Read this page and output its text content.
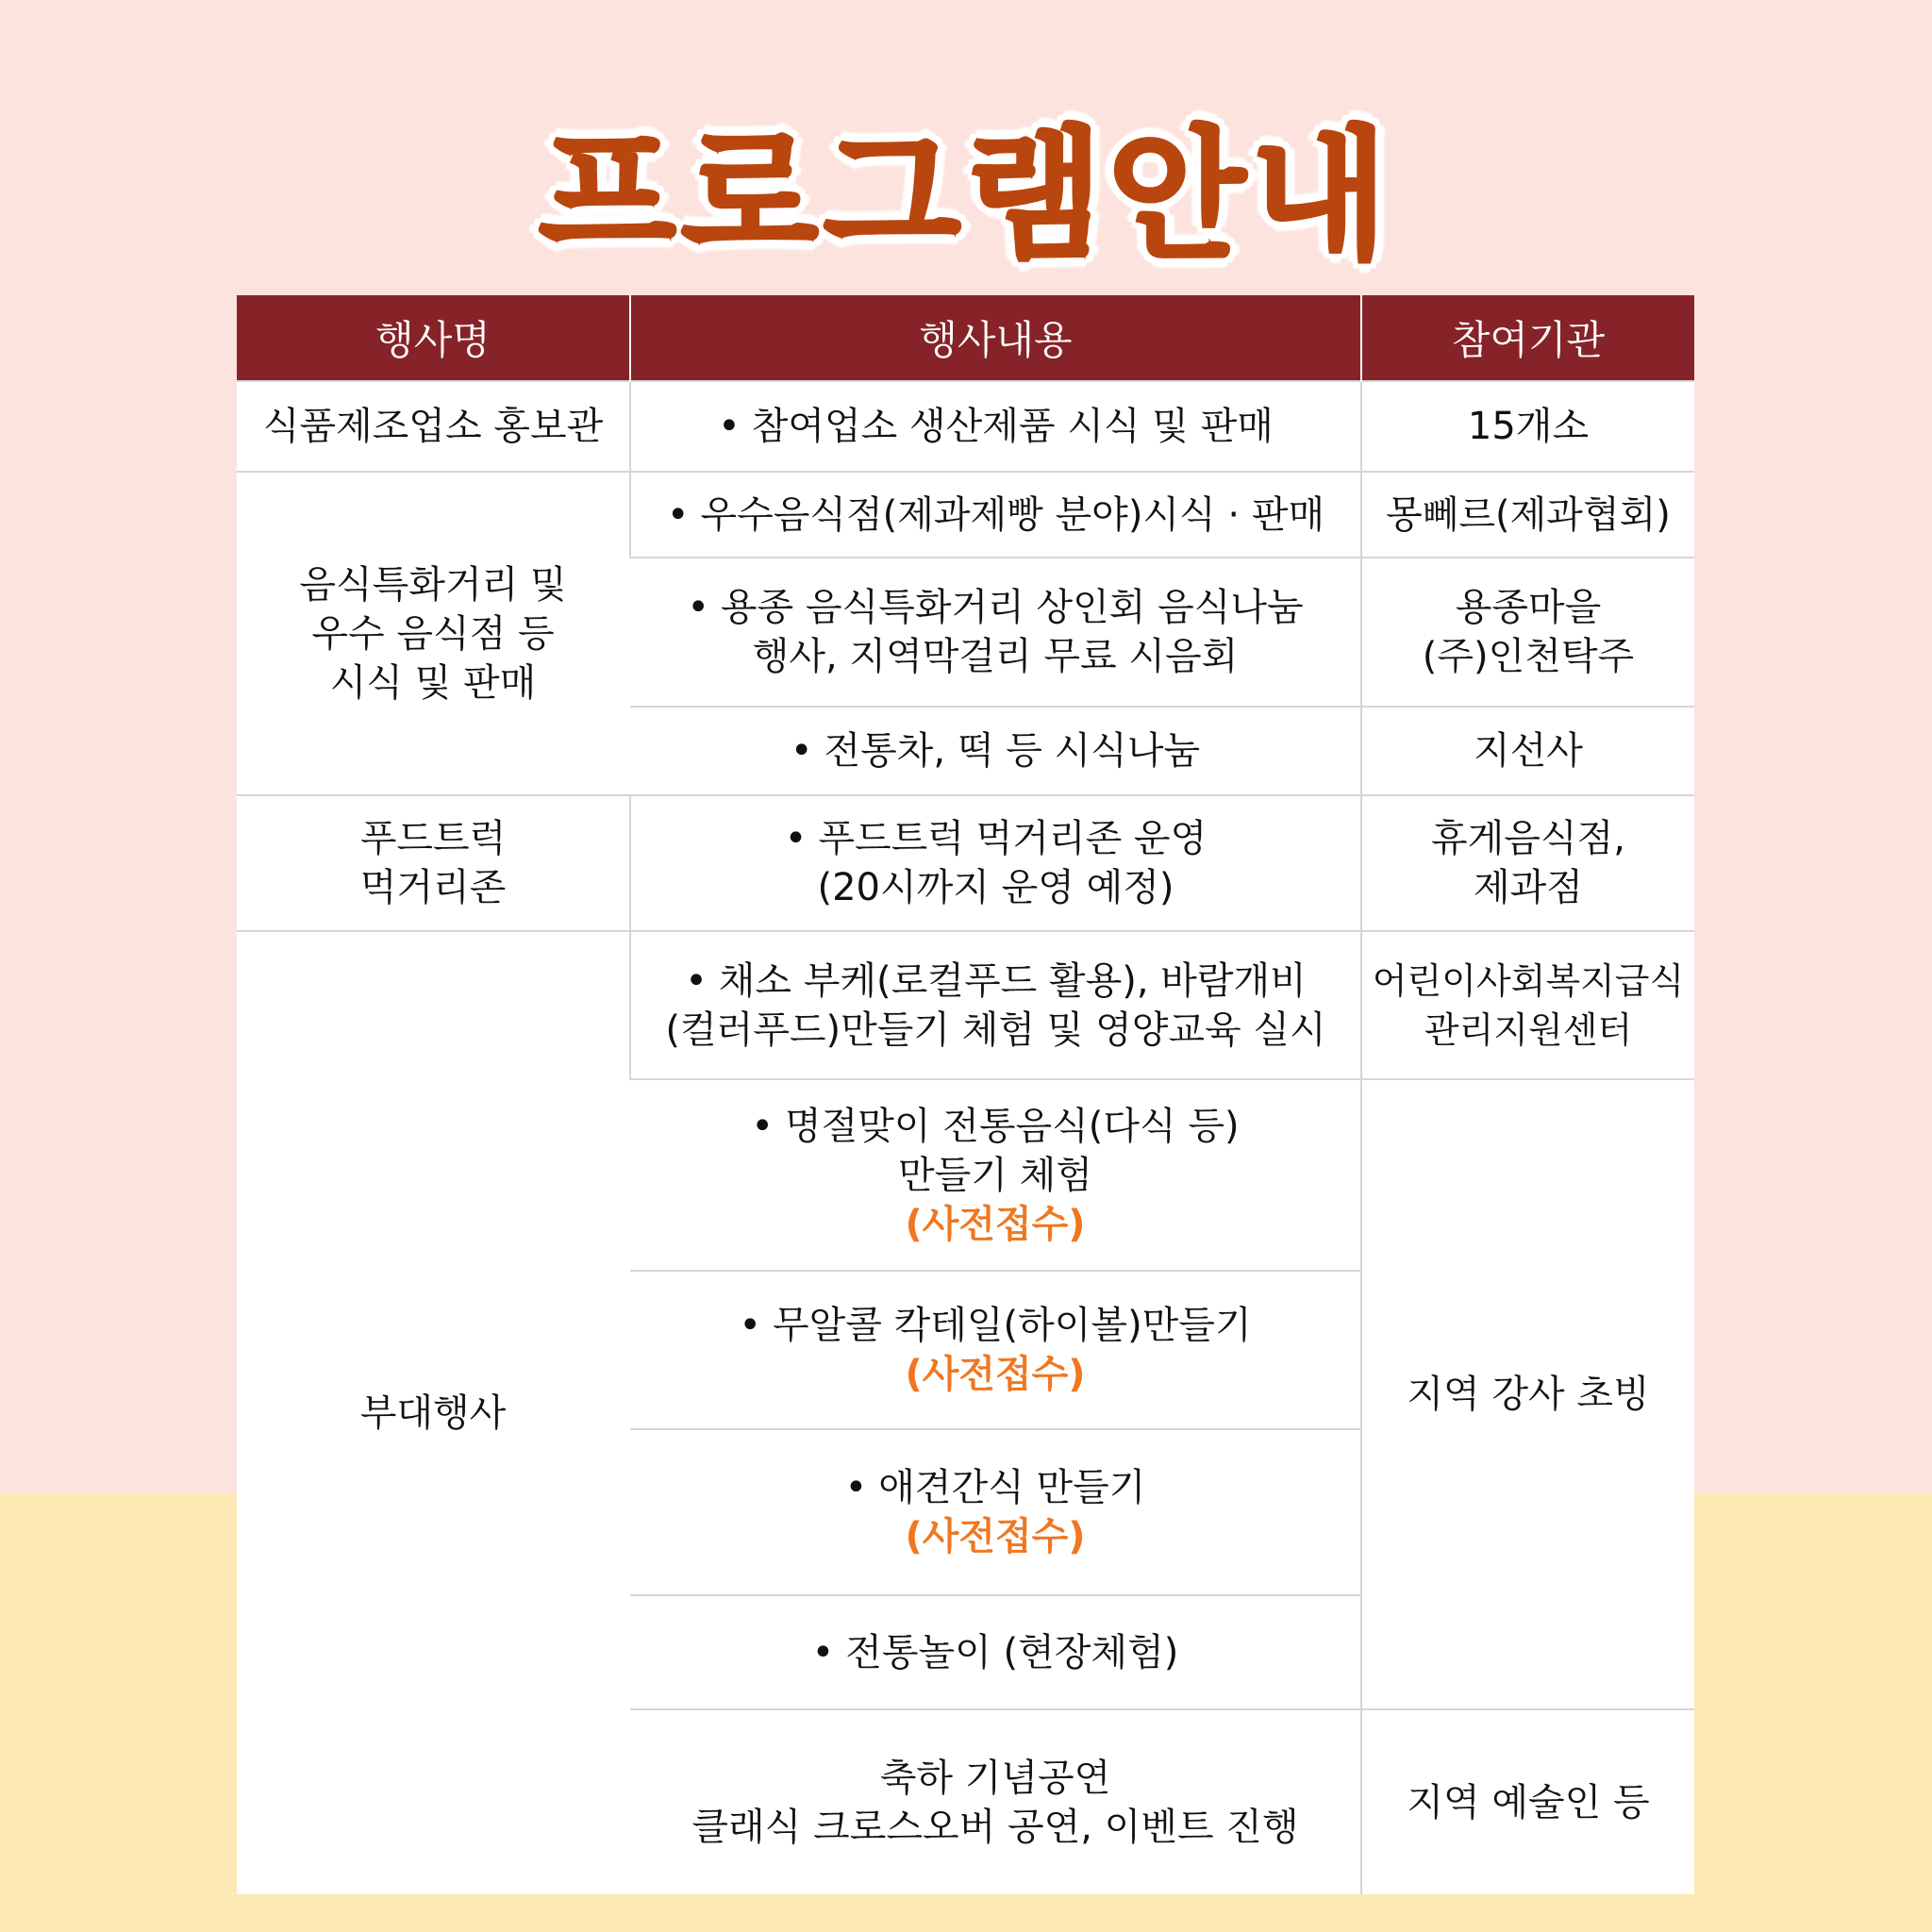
프로그램안내
행사명	행사내용	참여기관
식품제조업소 홍보관	• 참여업소 생산제품 시식 및 판매	15개소

음식특화거리 및
우수 음식점 등
시식 및 판매	• 우수음식점(제과제빵 분야)시식 · 판매	몽뻬르(제과협회)

	• 용종 음식특화거리 상인회 음식나눔
행사, 지역막걸리 무료 시음회	용종마을
(주)인천탁주

	• 전통차, 떡 등 시식나눔	지선사

푸드트럭
먹거리존	• 푸드트럭 먹거리존 운영
(20시까지 운영 예정)	휴게음식점,
제과점

부대행사	• 채소 부케(로컬푸드 활용), 바람개비
(컬러푸드)만들기 체험 및 영양교육 실시	어린이사회복지급식
관리지원센터

	• 명절맞이 전통음식(다식 등)
만들기 체험
(사전접수)	지역 강사 초빙

	• 무알콜 칵테일(하이볼)만들기
(사전접수)	

	• 애견간식 만들기
(사전접수)	

	• 전통놀이 (현장체험)	

	축하 기념공연
클래식 크로스오버 공연, 이벤트 진행	지역 예술인 등
